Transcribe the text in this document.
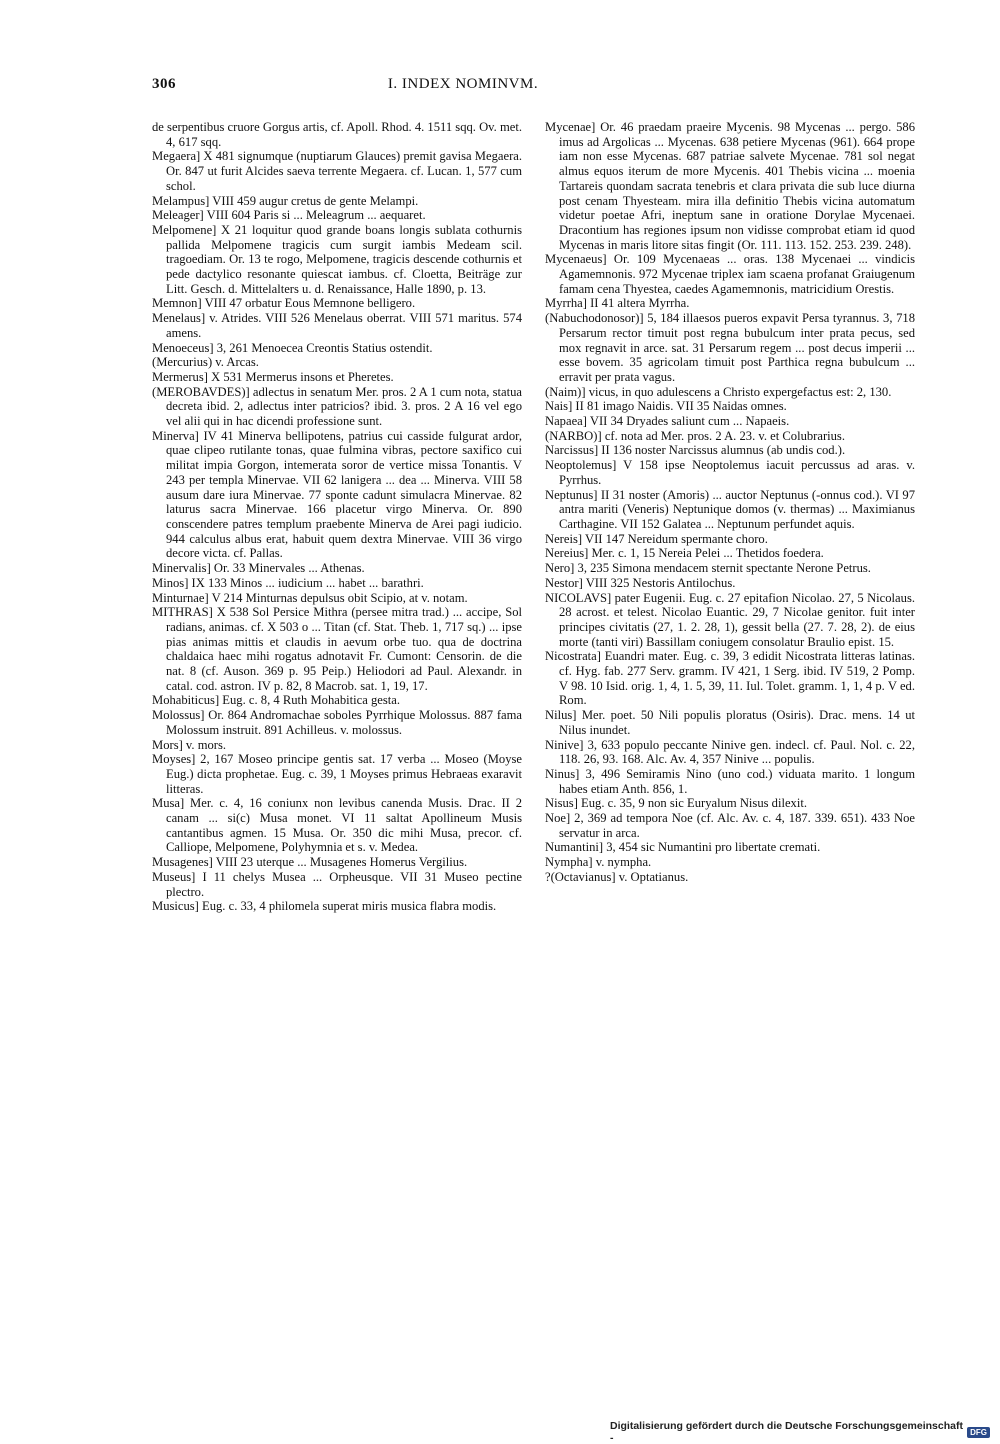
306	I. INDEX NOMINVM.

de serpentibus cruore Gorgus artis, cf. Apoll. Rhod. 4. 1511 sqq. Ov. met. 4, 617 sqq.

Megaera] X 481 signumque (nuptiarum Glauces) premit gavisa Megaera. Or. 847 ut furit Alcides saeva terrente Megaera. cf. Lucan. 1, 577 cum schol.

Melampus] VIII 459 augur cretus de gente Melampi.

Meleager] VIII 604 Paris si ... Meleagrum ... aequaret.

Melpomene] X 21 loquitur quod grande boans longis sublata cothurnis pallida Melpomene tragicis cum surgit iambis Medeam scil. tragoediam. Or. 13 te rogo, Melpomene, tragicis descende cothurnis et pede dactylico resonante quiescat iambus. cf. Cloetta, Beiträge zur Litt. Gesch. d. Mittelalters u. d. Renaissance, Halle 1890, p. 13.

Memnon] VIII 47 orbatur Eous Memnone belligero.

Menelaus] v. Atrides. VIII 526 Menelaus oberrat. VIII 571 maritus. 574 amens.

Menoeceus] 3, 261 Menoecea Creontis Statius ostendit.

(Mercurius) v. Arcas.

Mermerus] X 531 Mermerus insons et Pheretes.

(MEROBAVDES)] adlectus in senatum Mer. pros. 2 A 1 cum nota, statua decreta ibid. 2, adlectus inter patricios? ibid. 3. pros. 2 A 16 vel ego vel alii qui in hac dicendi professione sunt.

Minerva] IV 41 Minerva bellipotens, patrius cui casside fulgurat ardor, quae clipeo rutilante tonas, quae fulmina vibras, pectore saxifico cui militat impia Gorgon, intemerata soror de vertice missa Tonantis. V 243 per templa Minervae. VII 62 lanigera ... dea ... Minerva. VIII 58 ausum dare iura Minervae. 77 sponte cadunt simulacra Minervae. 82 laturus sacra Minervae. 166 placetur virgo Minerva. Or. 890 conscendere patres templum praebente Minerva de Arei pagi iudicio. 944 calculus albus erat, habuit quem dextra Minervae. VIII 36 virgo decore victa. cf. Pallas.

Minervalis] Or. 33 Minervales ... Athenas.

Minos] IX 133 Minos ... iudicium ... habet ... barathri.

Minturnae] V 214 Minturnas depulsus obit Scipio, at v. notam.

MITHRAS] X 538 Sol Persice Mithra (persee mitra trad.) ... accipe, Sol radians, animas. cf. X 503 o ... Titan (cf. Stat. Theb. 1, 717 sq.) ... ipse pias animas mittis et claudis in aevum orbe tuo. qua de doctrina chaldaica haec mihi rogatus adnotavit Fr. Cumont: Censorin. de die nat. 8 (cf. Auson. 369 p. 95 Peip.) Heliodori ad Paul. Alexandr. in catal. cod. astron. IV p. 82, 8 Macrob. sat. 1, 19, 17.

Mohabiticus] Eug. c. 8, 4 Ruth Mohabitica gesta.

Molossus] Or. 864 Andromachae soboles Pyrrhique Molossus. 887 fama Molossum instruit. 891 Achilleus. v. molossus.

Mors] v. mors.

Moyses] 2, 167 Moseo principe gentis sat. 17 verba ... Moseo (Moyse Eug.) dicta prophetae. Eug. c. 39, 1 Moyses primus Hebraeas exaravit litteras.

Musa] Mer. c. 4, 16 coniunx non levibus canenda Musis. Drac. II 2 canam ... si(c) Musa monet. VI 11 saltat Apollineum Musis cantantibus agmen. 15 Musa. Or. 350 dic mihi Musa, precor. cf. Calliope, Melpomene, Polyhymnia et s. v. Medea.

Musagenes] VIII 23 uterque ... Musagenes Homerus Vergilius.

Museus] I 11 chelys Musea ... Orpheusque. VII 31 Museo pectine plectro.

Musicus] Eug. c. 33, 4 philomela superat miris musica flabra modis.

Mycenae] Or. 46 praedam praeire Mycenis. 98 Mycenas ... pergo. 586 imus ad Argolicas ... Mycenas. 638 petiere Mycenas (961). 664 prope iam non esse Mycenas. 687 patriae salvete Mycenae. 781 sol negat almus equos iterum de more Mycenis. 401 Thebis vicina ... moenia Tartareis quondam sacrata tenebris et clara privata die sub luce diurna post cenam Thyesteam. mira illa definitio Thebis vicina automatum videtur poetae Afri, ineptum sane in oratione Dorylae Mycenaei. Dracontium has regiones ipsum non vidisse comprobat etiam id quod Mycenas in maris litore sitas fingit (Or. 111. 113. 152. 253. 239. 248).

Mycenaeus] Or. 109 Mycenaeas ... oras. 138 Mycenaei ... vindicis Agamemnonis. 972 Mycenae triplex iam scaena profanat Graiugenum famam cena Thyestea, caedes Agamemnonis, matricidium Orestis.

Myrrha] II 41 altera Myrrha.

(Nabuchodonosor)] 5, 184 illaesos pueros expavit Persa tyrannus. 3, 718 Persarum rector timuit post regna bubulcum inter prata pecus, sed mox regnavit in arce. sat. 31 Persarum regem ... post decus imperii ... esse bovem. 35 agricolam timuit post Parthica regna bubulcum ... erravit per prata vagus.

(Naim)] vicus, in quo adulescens a Christo expergefactus est: 2, 130.

Nais] II 81 imago Naidis. VII 35 Naidas omnes.

Napaea] VII 34 Dryades saliunt cum ... Napaeis.

(NARBO)] cf. nota ad Mer. pros. 2 A. 23. v. et Colubrarius.

Narcissus] II 136 noster Narcissus alumnus (ab undis cod.).

Neoptolemus] V 158 ipse Neoptolemus iacuit percussus ad aras. v. Pyrrhus.

Neptunus] II 31 noster (Amoris) ... auctor Neptunus (-onnus cod.). VI 97 antra mariti (Veneris) Neptunique domos (v. thermas) ... Maximianus Carthagine. VII 152 Galatea ... Neptunum perfundet aquis.

Nereis] VII 147 Nereidum spermante choro.

Nereius] Mer. c. 1, 15 Nereia Pelei ... Thetidos foedera.

Nero] 3, 235 Simona mendacem sternit spectante Nerone Petrus.

Nestor] VIII 325 Nestoris Antilochus.

NICOLAVS] pater Eugenii. Eug. c. 27 epitafion Nicolao. 27, 5 Nicolaus. 28 acrost. et telest. Nicolao Euantic. 29, 7 Nicolae genitor. fuit inter principes civitatis (27, 1. 2. 28, 1), gessit bella (27. 7. 28, 2). de eius morte (tanti viri) Bassillam coniugem consolatur Braulio epist. 15.

Nicostrata] Euandri mater. Eug. c. 39, 3 edidit Nicostrata litteras latinas. cf. Hyg. fab. 277 Serv. gramm. IV 421, 1 Serg. ibid. IV 519, 2 Pomp. V 98. 10 Isid. orig. 1, 4, 1. 5, 39, 11. Iul. Tolet. gramm. 1, 1, 4 p. V ed. Rom.

Nilus] Mer. poet. 50 Nili populis ploratus (Osiris). Drac. mens. 14 ut Nilus inundet.

Ninive] 3, 633 populo peccante Ninive gen. indecl. cf. Paul. Nol. c. 22, 118. 26, 93. 168. Alc. Av. 4, 357 Ninive ... populis.

Ninus] 3, 496 Semiramis Nino (uno cod.) viduata marito. 1 longum habes etiam Anth. 856, 1.

Nisus] Eug. c. 35, 9 non sic Euryalum Nisus dilexit.

Noe] 2, 369 ad tempora Noe (cf. Alc. Av. c. 4, 187. 339. 651). 433 Noe servatur in arca.

Numantini] 3, 454 sic Numantini pro libertate cremati.

Nympha] v. nympha.

?(Octavianus] v. Optatianus.

Digitalisierung gefördert durch die Deutsche Forschungsgemeinschaft -	DFG
